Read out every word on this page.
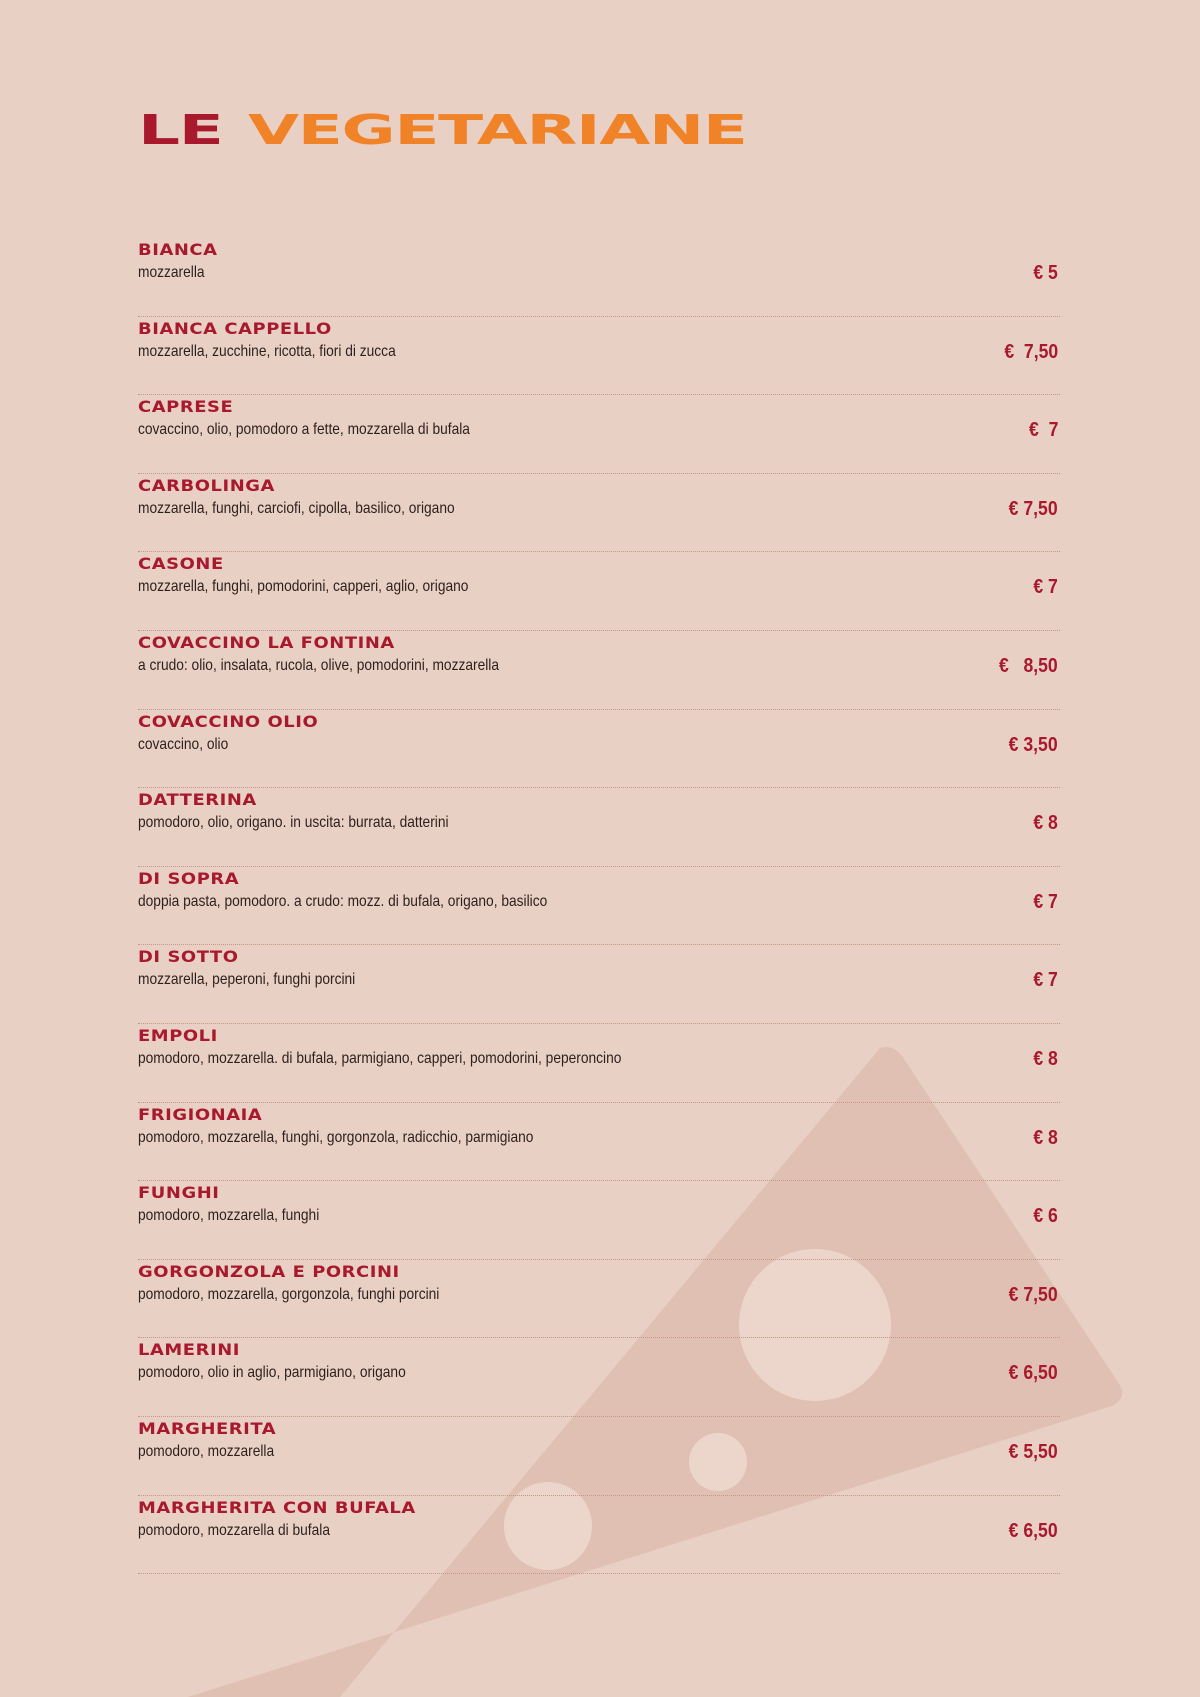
LE VEGETARIANE
BIANCA
mozzarella	€ 5
BIANCA CAPPELLO
mozzarella, zucchine, ricotta, fiori di zucca	€  7,50
CAPRESE
covaccino, olio, pomodoro a fette, mozzarella di bufala	€  7
CARBOLINGA
mozzarella, funghi, carciofi, cipolla, basilico, origano	€ 7,50
CASONE
mozzarella, funghi, pomodorini, capperi, aglio, origano	€ 7
COVACCINO LA FONTINA
a crudo: olio, insalata, rucola, olive, pomodorini, mozzarella	€   8,50
COVACCINO OLIO
covaccino, olio	€ 3,50
DATTERINA
pomodoro, olio, origano. in uscita: burrata, datterini	€ 8
DI SOPRA
doppia pasta, pomodoro. a crudo: mozz. di bufala, origano, basilico	€ 7
DI SOTTO
mozzarella, peperoni, funghi porcini	€ 7
EMPOLI
pomodoro, mozzarella. di bufala, parmigiano, capperi, pomodorini, peperoncino	€ 8
FRIGIONAIA
pomodoro, mozzarella, funghi, gorgonzola, radicchio, parmigiano	€ 8
FUNGHI
pomodoro, mozzarella, funghi	€ 6
GORGONZOLA E PORCINI
pomodoro, mozzarella, gorgonzola, funghi porcini	€ 7,50
LAMERINI
pomodoro, olio in aglio, parmigiano, origano	€ 6,50
MARGHERITA
pomodoro, mozzarella	€ 5,50
MARGHERITA CON BUFALA
pomodoro, mozzarella di bufala	€ 6,50
